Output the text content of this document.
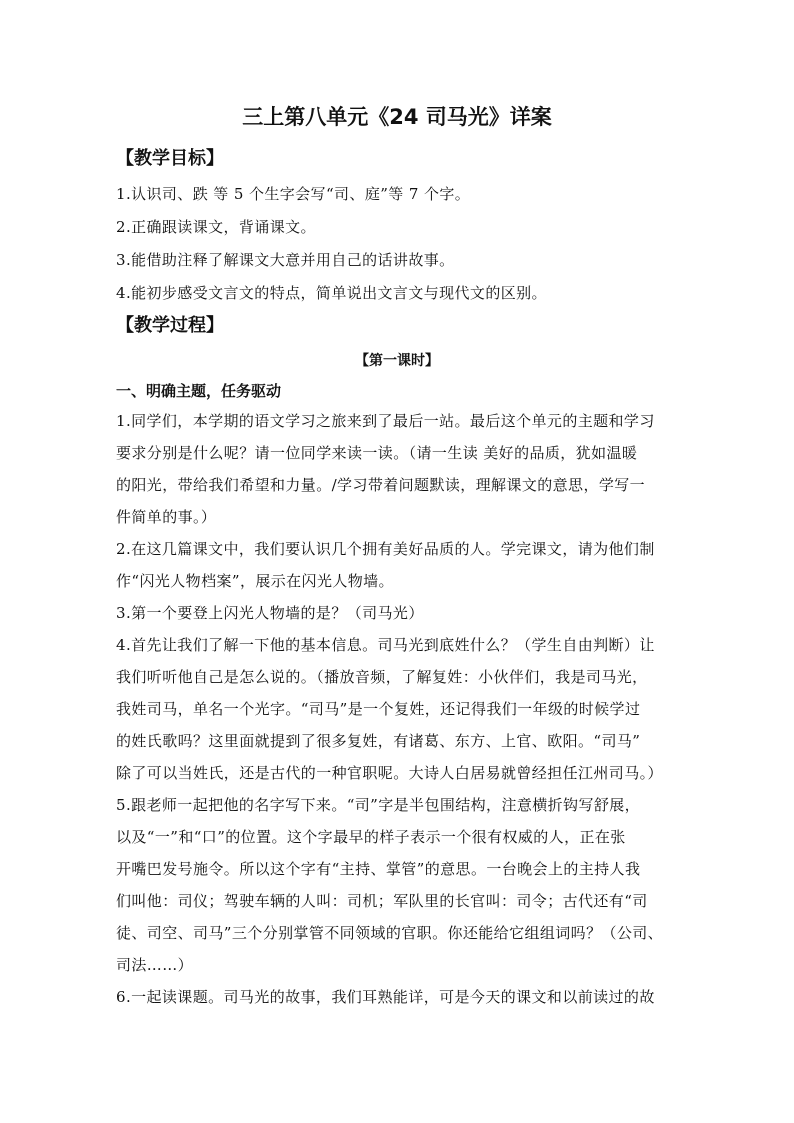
三上第八单元《24 司马光》详案
【教学目标】
1.认识司、跌 等 5 个生字会写“司、庭”等 7 个字。
2.正确跟读课文，背诵课文。
3.能借助注释了解课文大意并用自己的话讲故事。
4.能初步感受文言文的特点，简单说出文言文与现代文的区别。
【教学过程】
【第一课时】
一、明确主题，任务驱动
1.同学们，本学期的语文学习之旅来到了最后一站。最后这个单元的主题和学习
要求分别是什么呢？请一位同学来读一读。（请一生读 美好的品质，犹如温暖
的阳光，带给我们希望和力量。/学习带着问题默读，理解课文的意思，学写一
件简单的事。）
2.在这几篇课文中，我们要认识几个拥有美好品质的人。学完课文，请为他们制
作“闪光人物档案”，展示在闪光人物墙。
3.第一个要登上闪光人物墙的是？（司马光）
4.首先让我们了解一下他的基本信息。司马光到底姓什么？（学生自由判断）让
我们听听他自己是怎么说的。（播放音频，了解复姓：小伙伴们，我是司马光，
我姓司马，单名一个光字。“司马”是一个复姓，还记得我们一年级的时候学过
的姓氏歌吗？这里面就提到了很多复姓，有诸葛、东方、上官、欧阳。“司马”
除了可以当姓氏，还是古代的一种官职呢。大诗人白居易就曾经担任江州司马。）
5.跟老师一起把他的名字写下来。“司”字是半包围结构，注意横折钩写舒展，
以及“一”和“口”的位置。这个字最早的样子表示一个很有权威的人，正在张
开嘴巴发号施令。所以这个字有“主持、掌管”的意思。一台晚会上的主持人我
们叫他：司仪；驾驶车辆的人叫：司机；军队里的长官叫：司令；古代还有“司
徒、司空、司马”三个分别掌管不同领域的官职。你还能给它组组词吗？（公司、
司法……）
6.一起读课题。司马光的故事，我们耳熟能详，可是今天的课文和以前读过的故
